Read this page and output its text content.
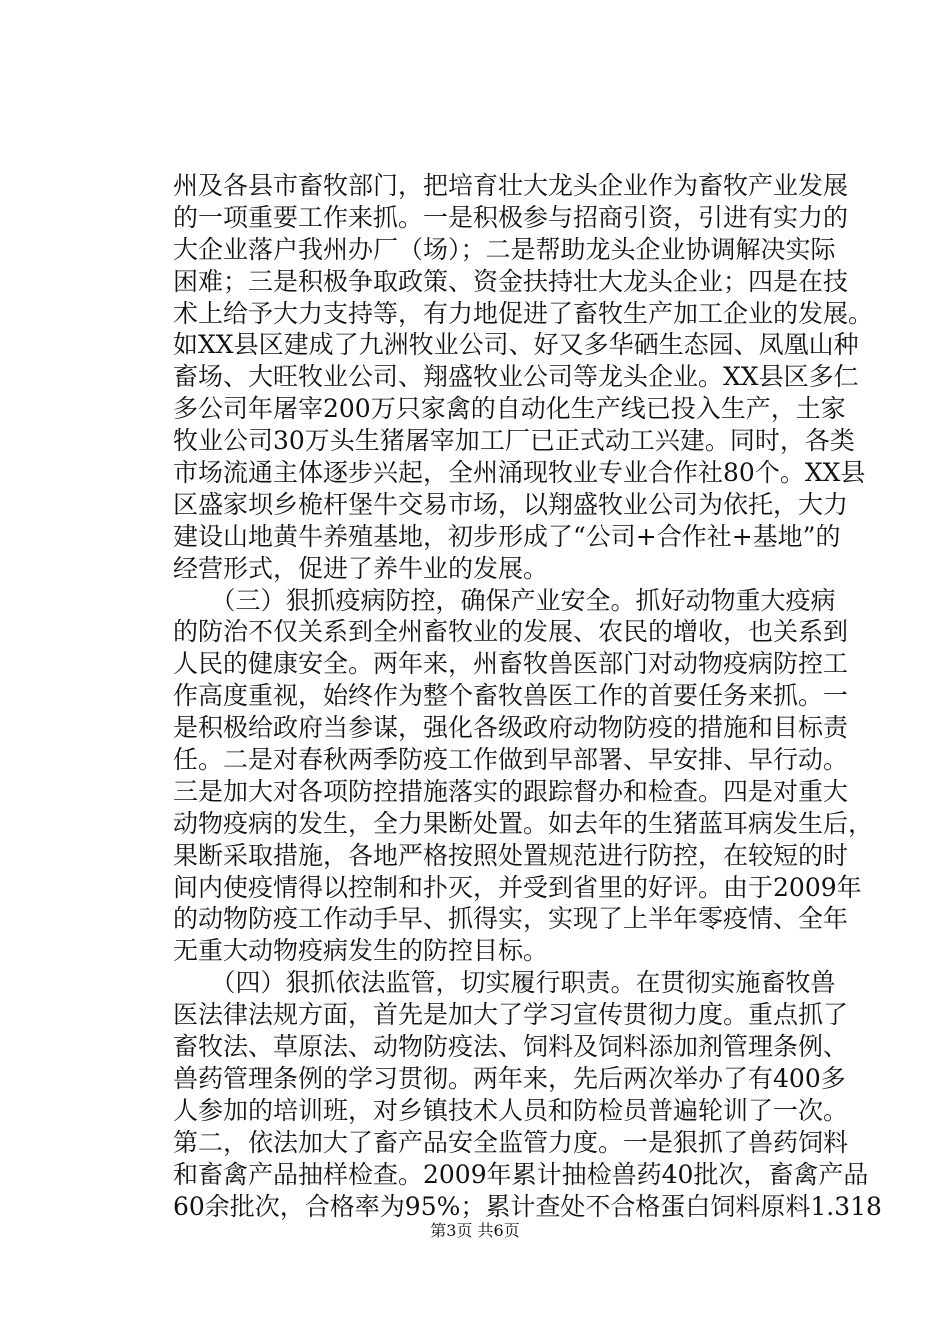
州及各县市畜牧部门，把培育壮大龙头企业作为畜牧产业发展
的一项重要工作来抓。一是积极参与招商引资，引进有实力的
大企业落户我州办厂（场）；二是帮助龙头企业协调解决实际
困难；三是积极争取政策、资金扶持壮大龙头企业；四是在技
术上给予大力支持等，有力地促进了畜牧生产加工企业的发展。
如XX县区建成了九洲牧业公司、好又多华硒生态园、凤凰山种
畜场、大旺牧业公司、翔盛牧业公司等龙头企业。XX县区多仁
多公司年屠宰200万只家禽的自动化生产线已投入生产，土家
牧业公司30万头生猪屠宰加工厂已正式动工兴建。同时，各类
市场流通主体逐步兴起，全州涌现牧业专业合作社80个。XX县
区盛家坝乡桅杆堡牛交易市场，以翔盛牧业公司为依托，大力
建设山地黄牛养殖基地，初步形成了“公司+合作社+基地”的
经营形式，促进了养牛业的发展。
　　（三）狠抓疫病防控，确保产业安全。抓好动物重大疫病
的防治不仅关系到全州畜牧业的发展、农民的增收，也关系到
人民的健康安全。两年来，州畜牧兽医部门对动物疫病防控工
作高度重视，始终作为整个畜牧兽医工作的首要任务来抓。一
是积极给政府当参谋，强化各级政府动物防疫的措施和目标责
任。二是对春秋两季防疫工作做到早部署、早安排、早行动。
三是加大对各项防控措施落实的跟踪督办和检查。四是对重大
动物疫病的发生，全力果断处置。如去年的生猪蓝耳病发生后，
果断采取措施，各地严格按照处置规范进行防控，在较短的时
间内使疫情得以控制和扑灭，并受到省里的好评。由于2009年
的动物防疫工作动手早、抓得实，实现了上半年零疫情、全年
无重大动物疫病发生的防控目标。
　　（四）狠抓依法监管，切实履行职责。在贯彻实施畜牧兽
医法律法规方面，首先是加大了学习宣传贯彻力度。重点抓了
畜牧法、草原法、动物防疫法、饲料及饲料添加剂管理条例、
兽药管理条例的学习贯彻。两年来，先后两次举办了有400多
人参加的培训班，对乡镇技术人员和防检员普遍轮训了一次。
第二，依法加大了畜产品安全监管力度。一是狠抓了兽药饲料
和畜禽产品抽样检查。2009年累计抽检兽药40批次，畜禽产品
60余批次，合格率为95%；累计查处不合格蛋白饲料原料1.318
第3页 共6页
